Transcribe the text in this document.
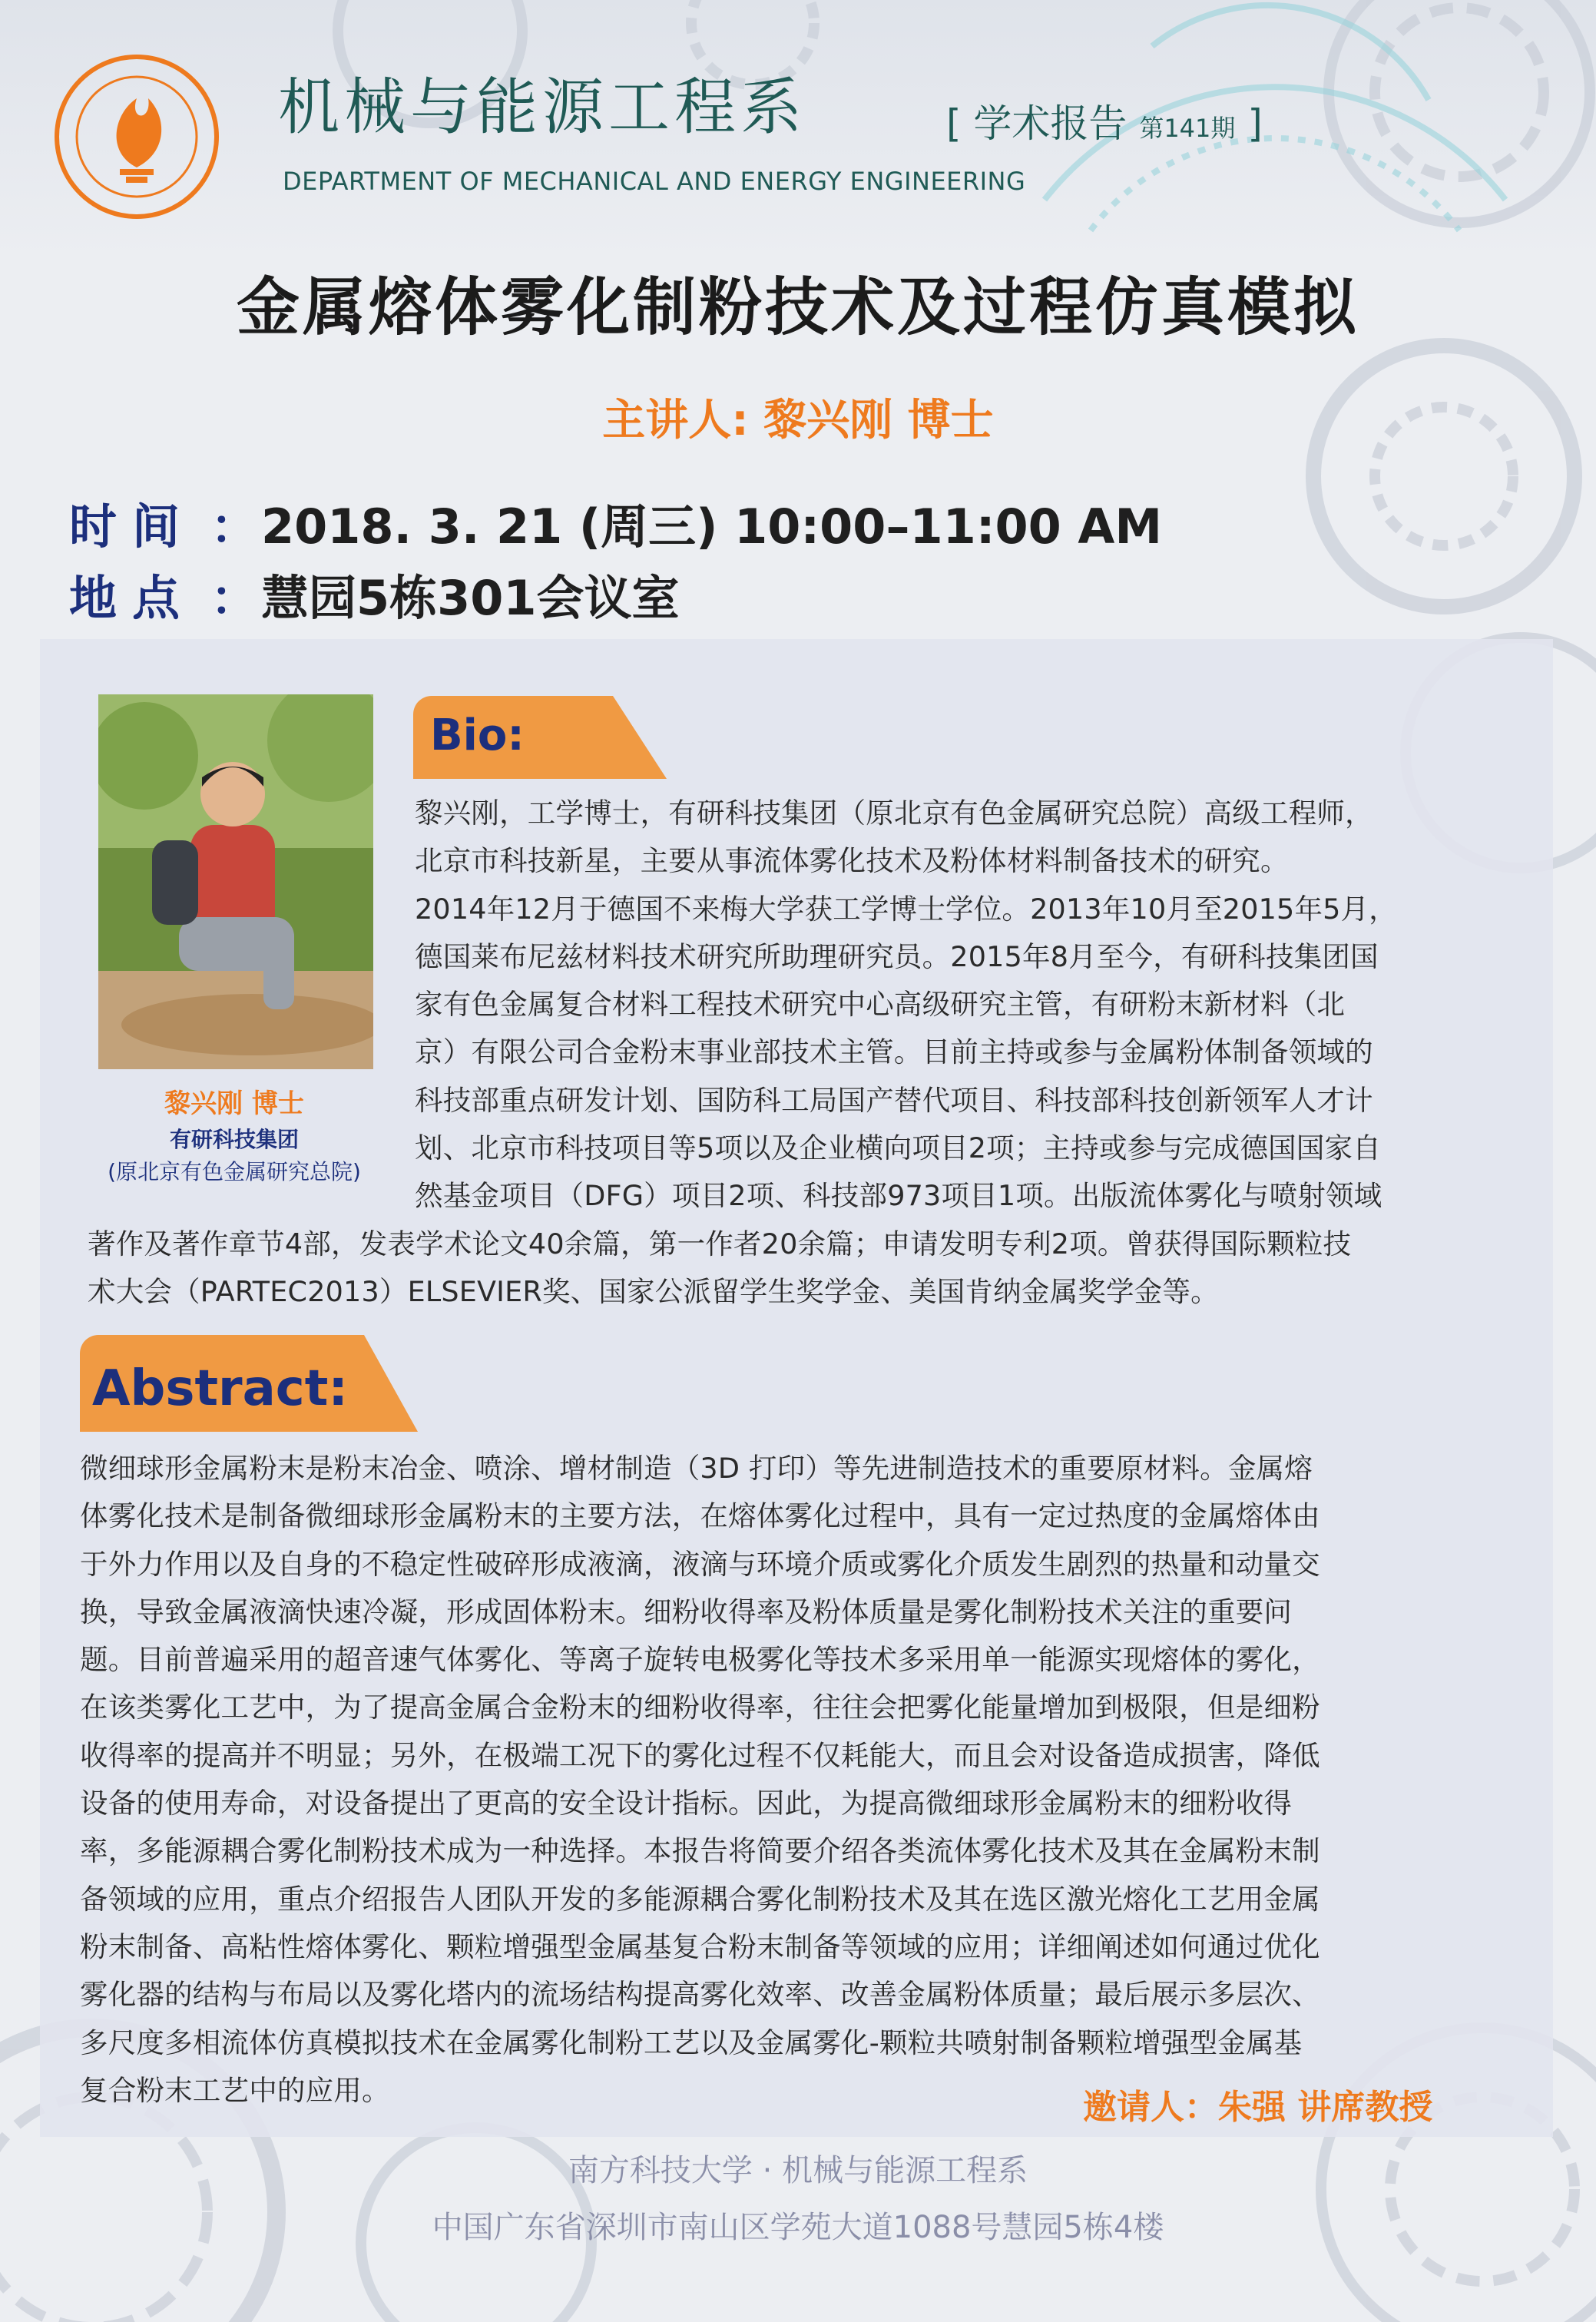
机械与能源工程系	[ 学术报告 第141期 ]
DEPARTMENT OF MECHANICAL AND ENERGY ENGINEERING
金属熔体雾化制粉技术及过程仿真模拟
主讲人: 黎兴刚 博士
时间 ：2018. 3. 21 (周三) 10:00–11:00 AM
地点 ：慧园5栋301会议室
黎兴刚 博士
有研科技集团
(原北京有色金属研究总院)
Bio:
黎兴刚，工学博士，有研科技集团（原北京有色金属研究总院）高级工程师，
北京市科技新星，主要从事流体雾化技术及粉体材料制备技术的研究。
2014年12月于德国不来梅大学获工学博士学位。2013年10月至2015年5月，
德国莱布尼兹材料技术研究所助理研究员。2015年8月至今，有研科技集团国
家有色金属复合材料工程技术研究中心高级研究主管，有研粉末新材料（北
京）有限公司合金粉末事业部技术主管。目前主持或参与金属粉体制备领域的
科技部重点研发计划、国防科工局国产替代项目、科技部科技创新领军人才计
划、北京市科技项目等5项以及企业横向项目2项；主持或参与完成德国国家自
然基金项目（DFG）项目2项、科技部973项目1项。出版流体雾化与喷射领域
著作及著作章节4部，发表学术论文40余篇，第一作者20余篇；申请发明专利2项。曾获得国际颗粒技
术大会（PARTEC2013）ELSEVIER奖、国家公派留学生奖学金、美国肯纳金属奖学金等。
Abstract:
微细球形金属粉末是粉末冶金、喷涂、增材制造（3D 打印）等先进制造技术的重要原材料。金属熔
体雾化技术是制备微细球形金属粉末的主要方法，在熔体雾化过程中，具有一定过热度的金属熔体由
于外力作用以及自身的不稳定性破碎形成液滴，液滴与环境介质或雾化介质发生剧烈的热量和动量交
换，导致金属液滴快速冷凝，形成固体粉末。细粉收得率及粉体质量是雾化制粉技术关注的重要问
题。目前普遍采用的超音速气体雾化、等离子旋转电极雾化等技术多采用单一能源实现熔体的雾化，
在该类雾化工艺中，为了提高金属合金粉末的细粉收得率，往往会把雾化能量增加到极限，但是细粉
收得率的提高并不明显；另外，在极端工况下的雾化过程不仅耗能大，而且会对设备造成损害，降低
设备的使用寿命，对设备提出了更高的安全设计指标。因此，为提高微细球形金属粉末的细粉收得
率，多能源耦合雾化制粉技术成为一种选择。本报告将简要介绍各类流体雾化技术及其在金属粉末制
备领域的应用，重点介绍报告人团队开发的多能源耦合雾化制粉技术及其在选区激光熔化工艺用金属
粉末制备、高粘性熔体雾化、颗粒增强型金属基复合粉末制备等领域的应用；详细阐述如何通过优化
雾化器的结构与布局以及雾化塔内的流场结构提高雾化效率、改善金属粉体质量；最后展示多层次、
多尺度多相流体仿真模拟技术在金属雾化制粉工艺以及金属雾化-颗粒共喷射制备颗粒增强型金属基
复合粉末工艺中的应用。	邀请人：朱强 讲席教授
南方科技大学 · 机械与能源工程系
中国广东省深圳市南山区学苑大道1088号慧园5栋4楼
